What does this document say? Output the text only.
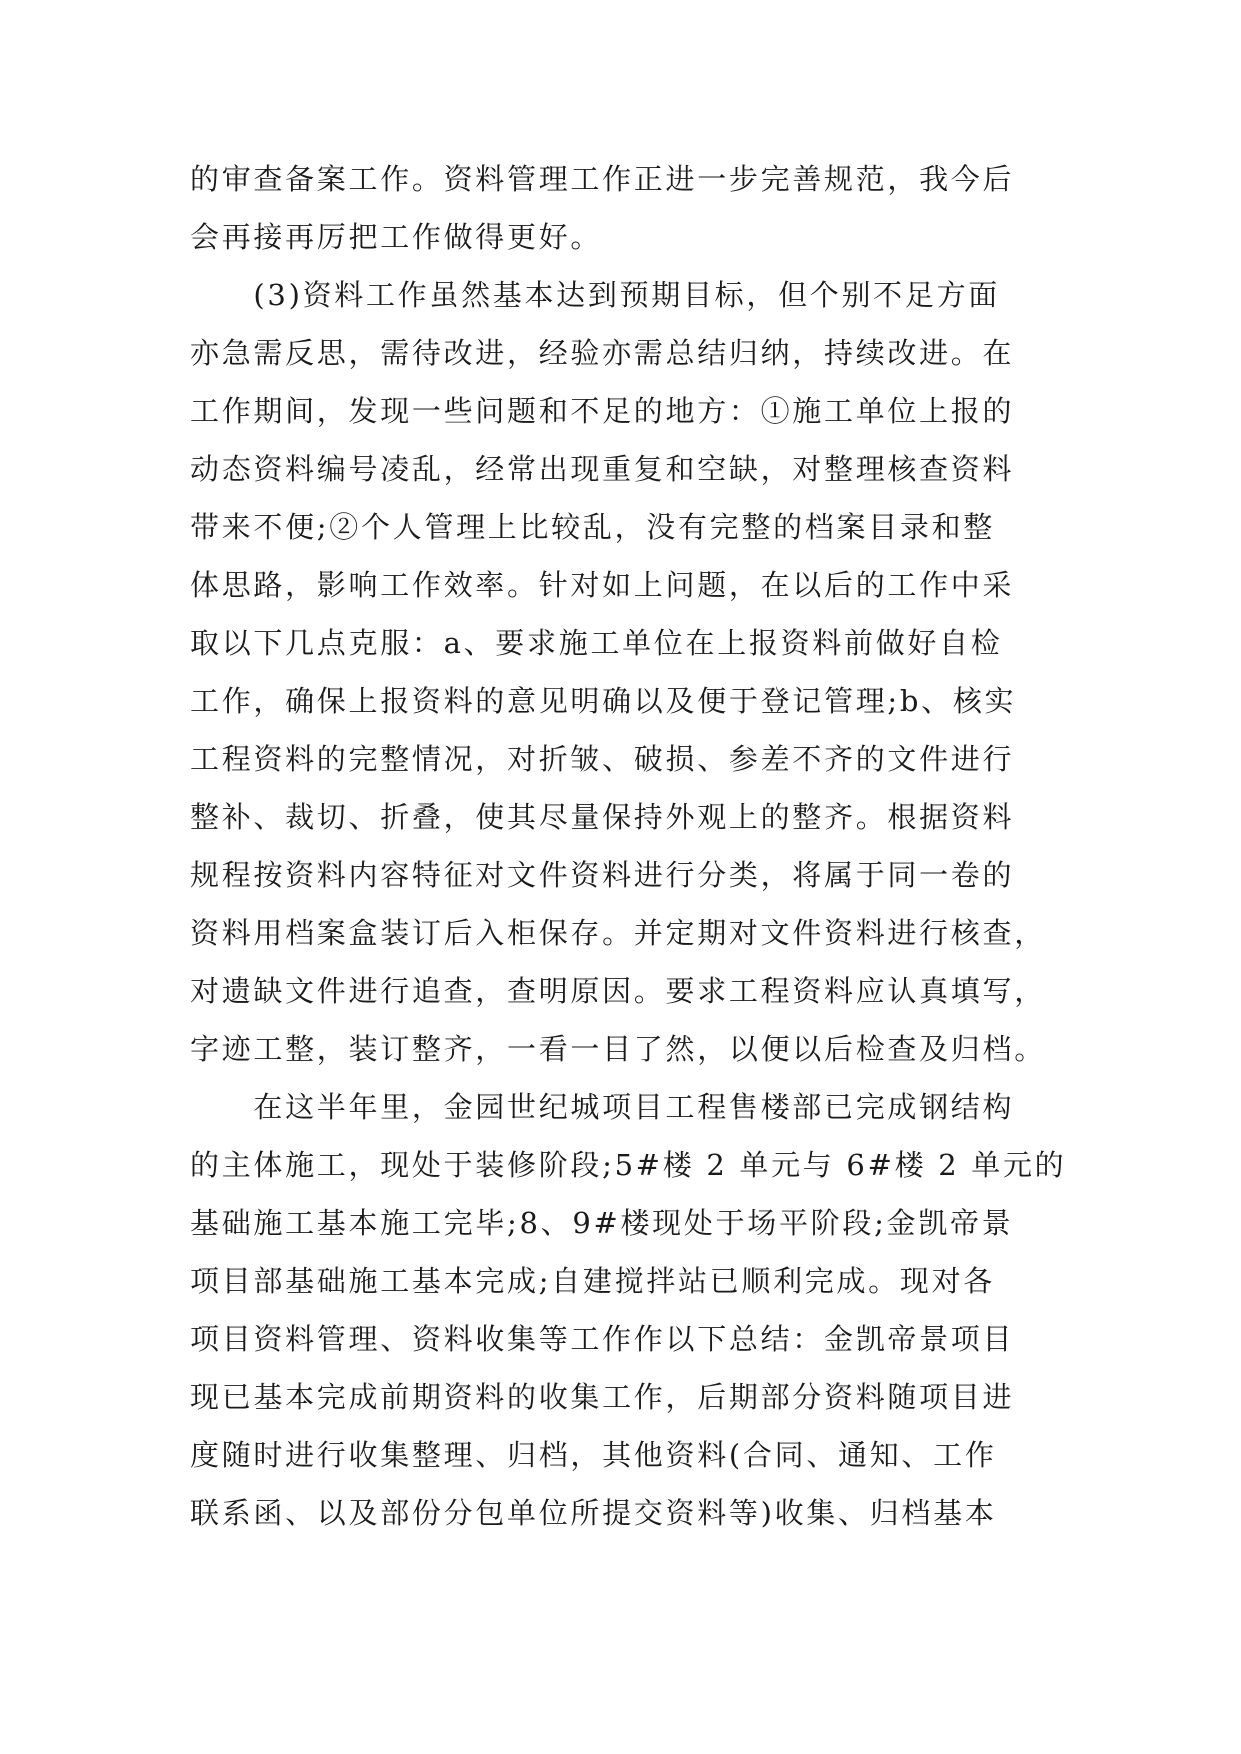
的审查备案工作。资料管理工作正进一步完善规范，我今后
会再接再厉把工作做得更好。
　　(3)资料工作虽然基本达到预期目标，但个别不足方面
亦急需反思，需待改进，经验亦需总结归纳，持续改进。在
工作期间，发现一些问题和不足的地方：①施工单位上报的
动态资料编号凌乱，经常出现重复和空缺，对整理核查资料
带来不便;②个人管理上比较乱，没有完整的档案目录和整
体思路，影响工作效率。针对如上问题，在以后的工作中采
取以下几点克服：a、要求施工单位在上报资料前做好自检
工作，确保上报资料的意见明确以及便于登记管理;b、核实
工程资料的完整情况，对折皱、破损、参差不齐的文件进行
整补、裁切、折叠，使其尽量保持外观上的整齐。根据资料
规程按资料内容特征对文件资料进行分类，将属于同一卷的
资料用档案盒装订后入柜保存。并定期对文件资料进行核查，
对遗缺文件进行追查，查明原因。要求工程资料应认真填写，
字迹工整，装订整齐，一看一目了然，以便以后检查及归档。
　　在这半年里，金园世纪城项目工程售楼部已完成钢结构
的主体施工，现处于装修阶段;5#楼 2 单元与 6#楼 2 单元的
基础施工基本施工完毕;8、9#楼现处于场平阶段;金凯帝景
项目部基础施工基本完成;自建搅拌站已顺利完成。现对各
项目资料管理、资料收集等工作作以下总结：金凯帝景项目
现已基本完成前期资料的收集工作，后期部分资料随项目进
度随时进行收集整理、归档，其他资料(合同、通知、工作
联系函、以及部份分包单位所提交资料等)收集、归档基本
